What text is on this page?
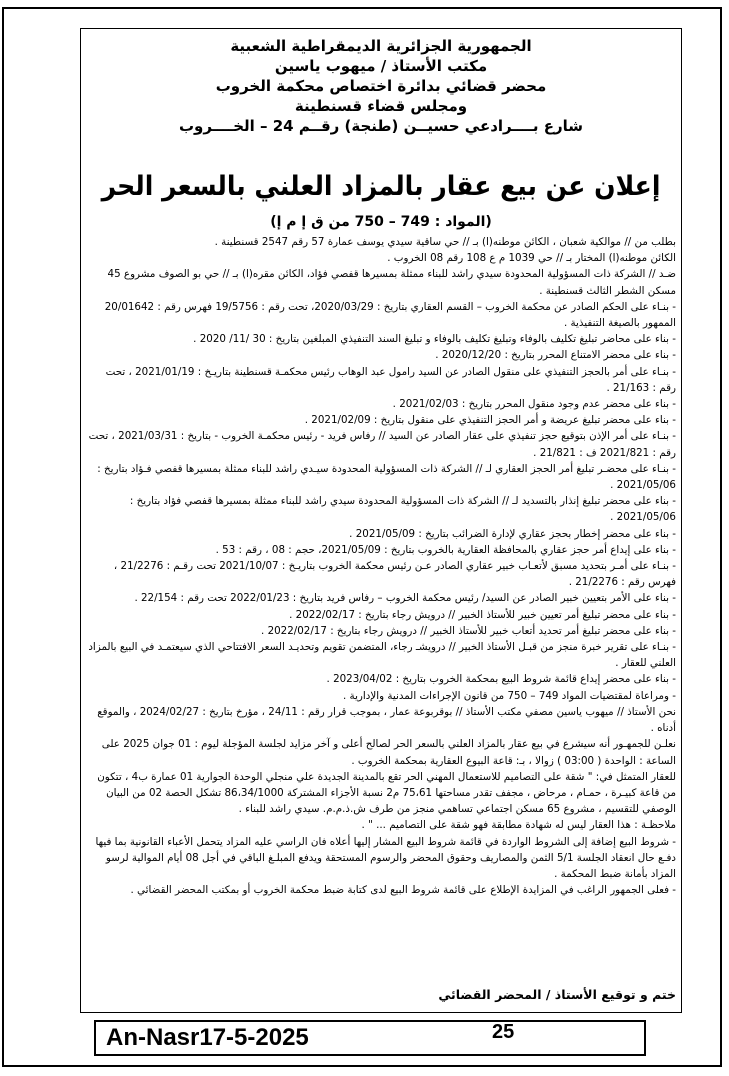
الجمهورية الجزائرية الديمقراطية الشعبية
مكتب الأستاذ / ميهوب ياسين
محضر قضائي بدائرة اختصاص محكمة الخروب
ومجلس قضاء قسنطينة
شارع بــــرادعي حسيــن (طنجة) رقــم 24 – الخــــروب
إعلان عن بيع عقار بالمزاد العلني بالسعر الحر
(المواد : 749 – 750 من ق إ م إ)

بطلب من // موالكية شعبان ، الكائن موطنه(ا) بـ // حي ساقية سيدي يوسف عمارة 57 رقم 2547 قسنطينة .

الكائن موطنه(ا) المختار بـ // حي 1039 م ع 108 رقم 08 الخروب .

ضـد // الشركة ذات المسؤولية المحدودة سيدي راشد للبناء ممثلة بمسيرها قفصي فؤاد، الكائن مقره(ا) بـ // حي بو الصوف مشروع 45 مسكن الشطر الثالث قسنطينة .

- بنـاء على الحكم الصادر عن محكمة الخروب – القسم العقاري بتاريخ : 2020/03/29، تحت رقم : 19/5756 فهرس رقم : 20/01642 الممهور بالصيغة التنفيذية .

- بناء على محاضر تبليغ تكليف بالوفاء وتبليغ تكليف بالوفاء و تبليغ السند التنفيذي المبلغين بتاريخ : 30 /11/ 2020 .

- بناء على محضر الامتناع المحرر بتاريخ : 2020/12/20 .

- بنـاء على أمر بالحجز التنفيذي على منقول الصادر عن السيد رامول عبد الوهاب رئيس محكمـة قسنطينة بتاريـخ : 2021/01/19 ، تحت رقم : 21/163 .

- بناء على محضر عدم وجود منقول المحرر بتاريخ : 2021/02/03 .

- بناء على محضر تبليغ عريضة و أمر الحجز التنفيذي على منقول بتاريخ : 2021/02/09 .

- بنـاء على أمر الإذن بتوقيع حجز تنفيذي على عقار الصادر عن السيد // رفاس فريد - رئيس محكمـة الخروب - بتاريخ : 2021/03/31 ، تحت رقم : 2021/821 ف : 21/821 .

- بنـاء على محضـر تبليغ أمر الحجز العقاري لـ // الشركة ذات المسؤولية المحدودة سيـدي راشد للبناء ممثلة بمسيرها قفصي فـؤاد بتاريخ : 2021/05/06 .

- بناء على محضر تبليغ إنذار بالتسديد لـ // الشركة ذات المسؤولية المحدودة سيدي راشد للبناء ممثلة بمسيرها قفصي فؤاد بتاريخ : 2021/05/06 .

- بناء على محضر إخطار بحجز عقاري لإدارة الضرائب بتاريخ : 2021/05/09 .

- بناء على إيداع أمر حجز عقاري بالمحافظة العقارية بالخروب بتاريخ : 2021/05/09، حجم : 08 ، رقم : 53 .

- بنـاء على أمـر بتحديد مسبق لأتعـاب خبير عقاري الصادر عـن رئيس محكمة الخروب بتاريـخ : 2021/10/07 تحت رقـم : 21/2276 ، فهرس رقم : 21/2276 .

- بناء على الأمر بتعيين خبير الصادر عن السيد/ رئيس محكمة الخروب – رفاس فريد بتاريخ : 2022/01/23 تحت رقم : 22/154 .

- بناء على محضر تبليغ أمر تعيين خبير للأستاذ الخبير // درويش رجاء بتاريخ : 2022/02/17 .

- بناء على محضر تبليغ أمر تحديد أتعاب خبير للأستاذ الخبير // درويش رجاء بتاريخ : 2022/02/17 .

- بنـاء على تقرير خبرة منجز من قبـل الأستاذ الخبير // درويشـ رجاء، المتضمن تقويم وتحديـد السعر الافتتاحي الذي سيعتمـد في البيع بالمزاد العلني للعقار .

- بناء على محضر إيداع قائمة شروط البيع بمحكمة الخروب بتاريخ : 2023/04/02 .

- ومراعاة لمقتضيات المواد 749 – 750 من قانون الإجراءات المدنية والإدارية .

نحن الأستاذ // ميهوب ياسين مصفي مكتب الأستاذ // بوقربوعة عمار ، بموجب قرار رقم : 24/11 ، مؤرخ بتاريخ : 2024/02/27 ، والموقع أدناه .

نعلـن للجمهـور أنه سيشرع في بيع عقار بالمزاد العلني بالسعر الحر لصالح أعلى و آخر مزايد لجلسة المؤجلة ليوم : 01 جوان 2025 على الساعة : الواحدة ( 03:00 ) زوالا ، بـ: قاعة البيوع العقارية بمحكمة الخروب .

للعقار المتمثل في: " شقة على التصاميم للاستعمال المهني الحر تقع بالمدينة الجديدة علي منجلي الوحدة الجوارية 01 عمارة ب4 ، تتكون من قاعة كبيـرة ، حمـام ، مرحاض ، مجفف تقدر مساحتها 75،61 م2 نسبة الأجزاء المشتركة 86،34/1000 تشكل الحصة 02 من البيان الوصفي للتقسيم ، مشروع 65 مسكن اجتماعي تساهمي منجز من طرف ش.ذ.م.م. سيدي راشد للبناء .

ملاحظـة : هذا العقار ليس له شهادة مطابقة فهو شقة على التصاميم ... " .

- شروط البيع إضافة إلى الشروط الواردة في قائمة شروط البيع المشار إليها أعلاه فان الراسي عليه المزاد يتحمل الأعباء القانونية بما فيها دفـع حال انعقاد الجلسة 5/1 الثمن والمصاريف وحقوق المحضر والرسوم المستحقة ويدفع المبلـغ الباقي في أجل 08 أيام الموالية لرسو المزاد بأمانة ضبط المحكمة .

- فعلى الجمهور الراغب في المزايدة الإطلاع على قائمة شروط البيع لدى كتابة ضبط محكمة الخروب أو بمكتب المحضر القضائي .

ختم و توقيع الأستاذ / المحضر القضائي
An-Nasr17-5-2025	25
